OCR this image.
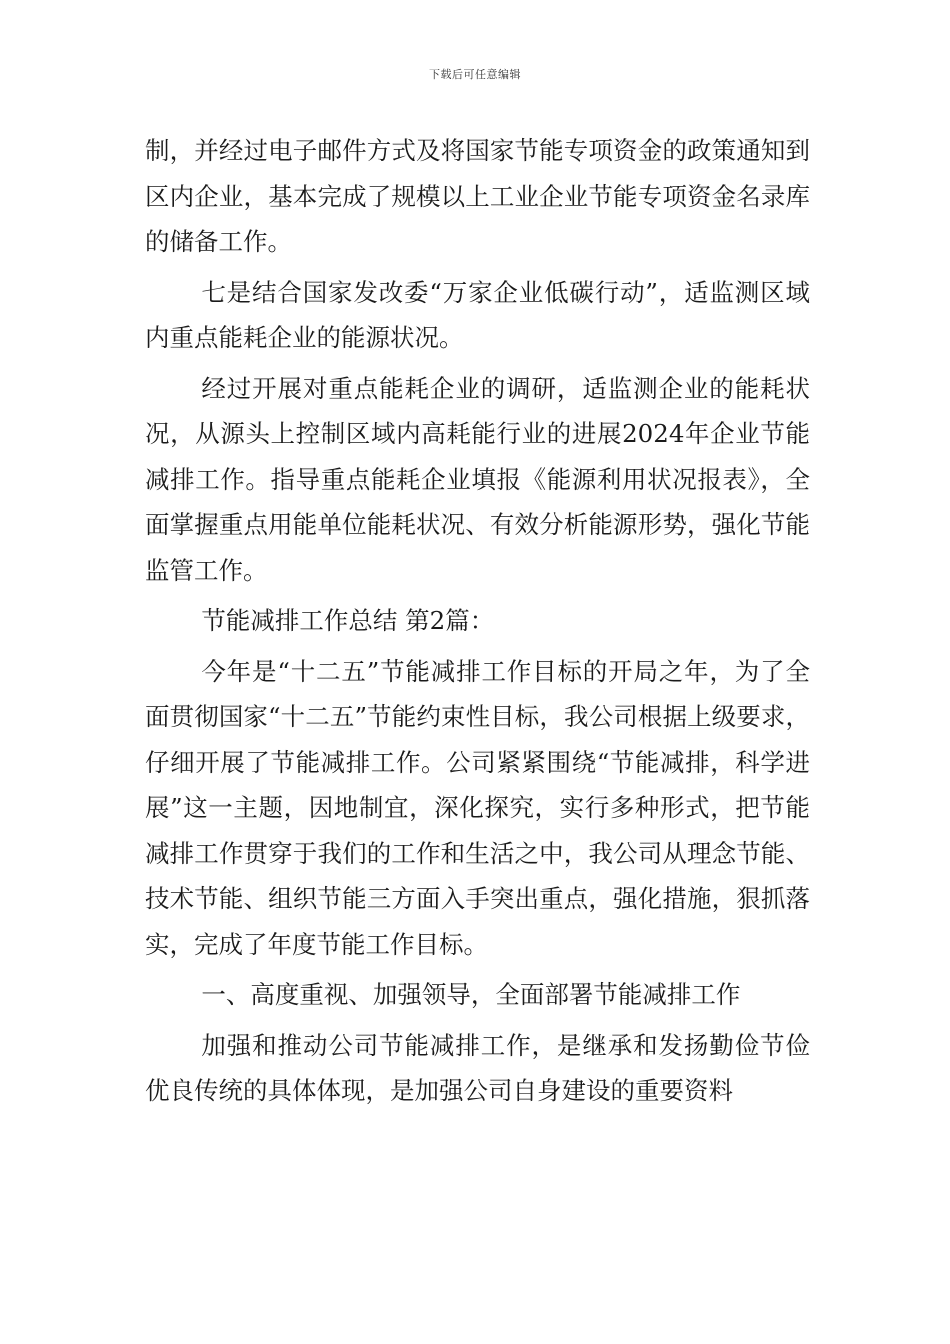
下载后可任意编辑

制，并经过电子邮件方式及将国家节能专项资金的政策通知到区内企业，基本完成了规模以上工业企业节能专项资金名录库的储备工作。

七是结合国家发改委“万家企业低碳行动”，适监测区域内重点能耗企业的能源状况。

经过开展对重点能耗企业的调研，适监测企业的能耗状况，从源头上控制区域内高耗能行业的进展2024年企业节能减排工作。指导重点能耗企业填报《能源利用状况报表》，全面掌握重点用能单位能耗状况、有效分析能源形势，强化节能监管工作。

节能减排工作总结 第2篇：

今年是“十二五”节能减排工作目标的开局之年，为了全面贯彻国家“十二五”节能约束性目标，我公司根据上级要求，仔细开展了节能减排工作。公司紧紧围绕“节能减排，科学进展”这一主题，因地制宜，深化探究，实行多种形式，把节能减排工作贯穿于我们的工作和生活之中，我公司从理念节能、技术节能、组织节能三方面入手突出重点，强化措施，狠抓落实，完成了年度节能工作目标。

一、高度重视、加强领导，全面部署节能减排工作

加强和推动公司节能减排工作，是继承和发扬勤俭节俭优良传统的具体体现，是加强公司自身建设的重要资料
